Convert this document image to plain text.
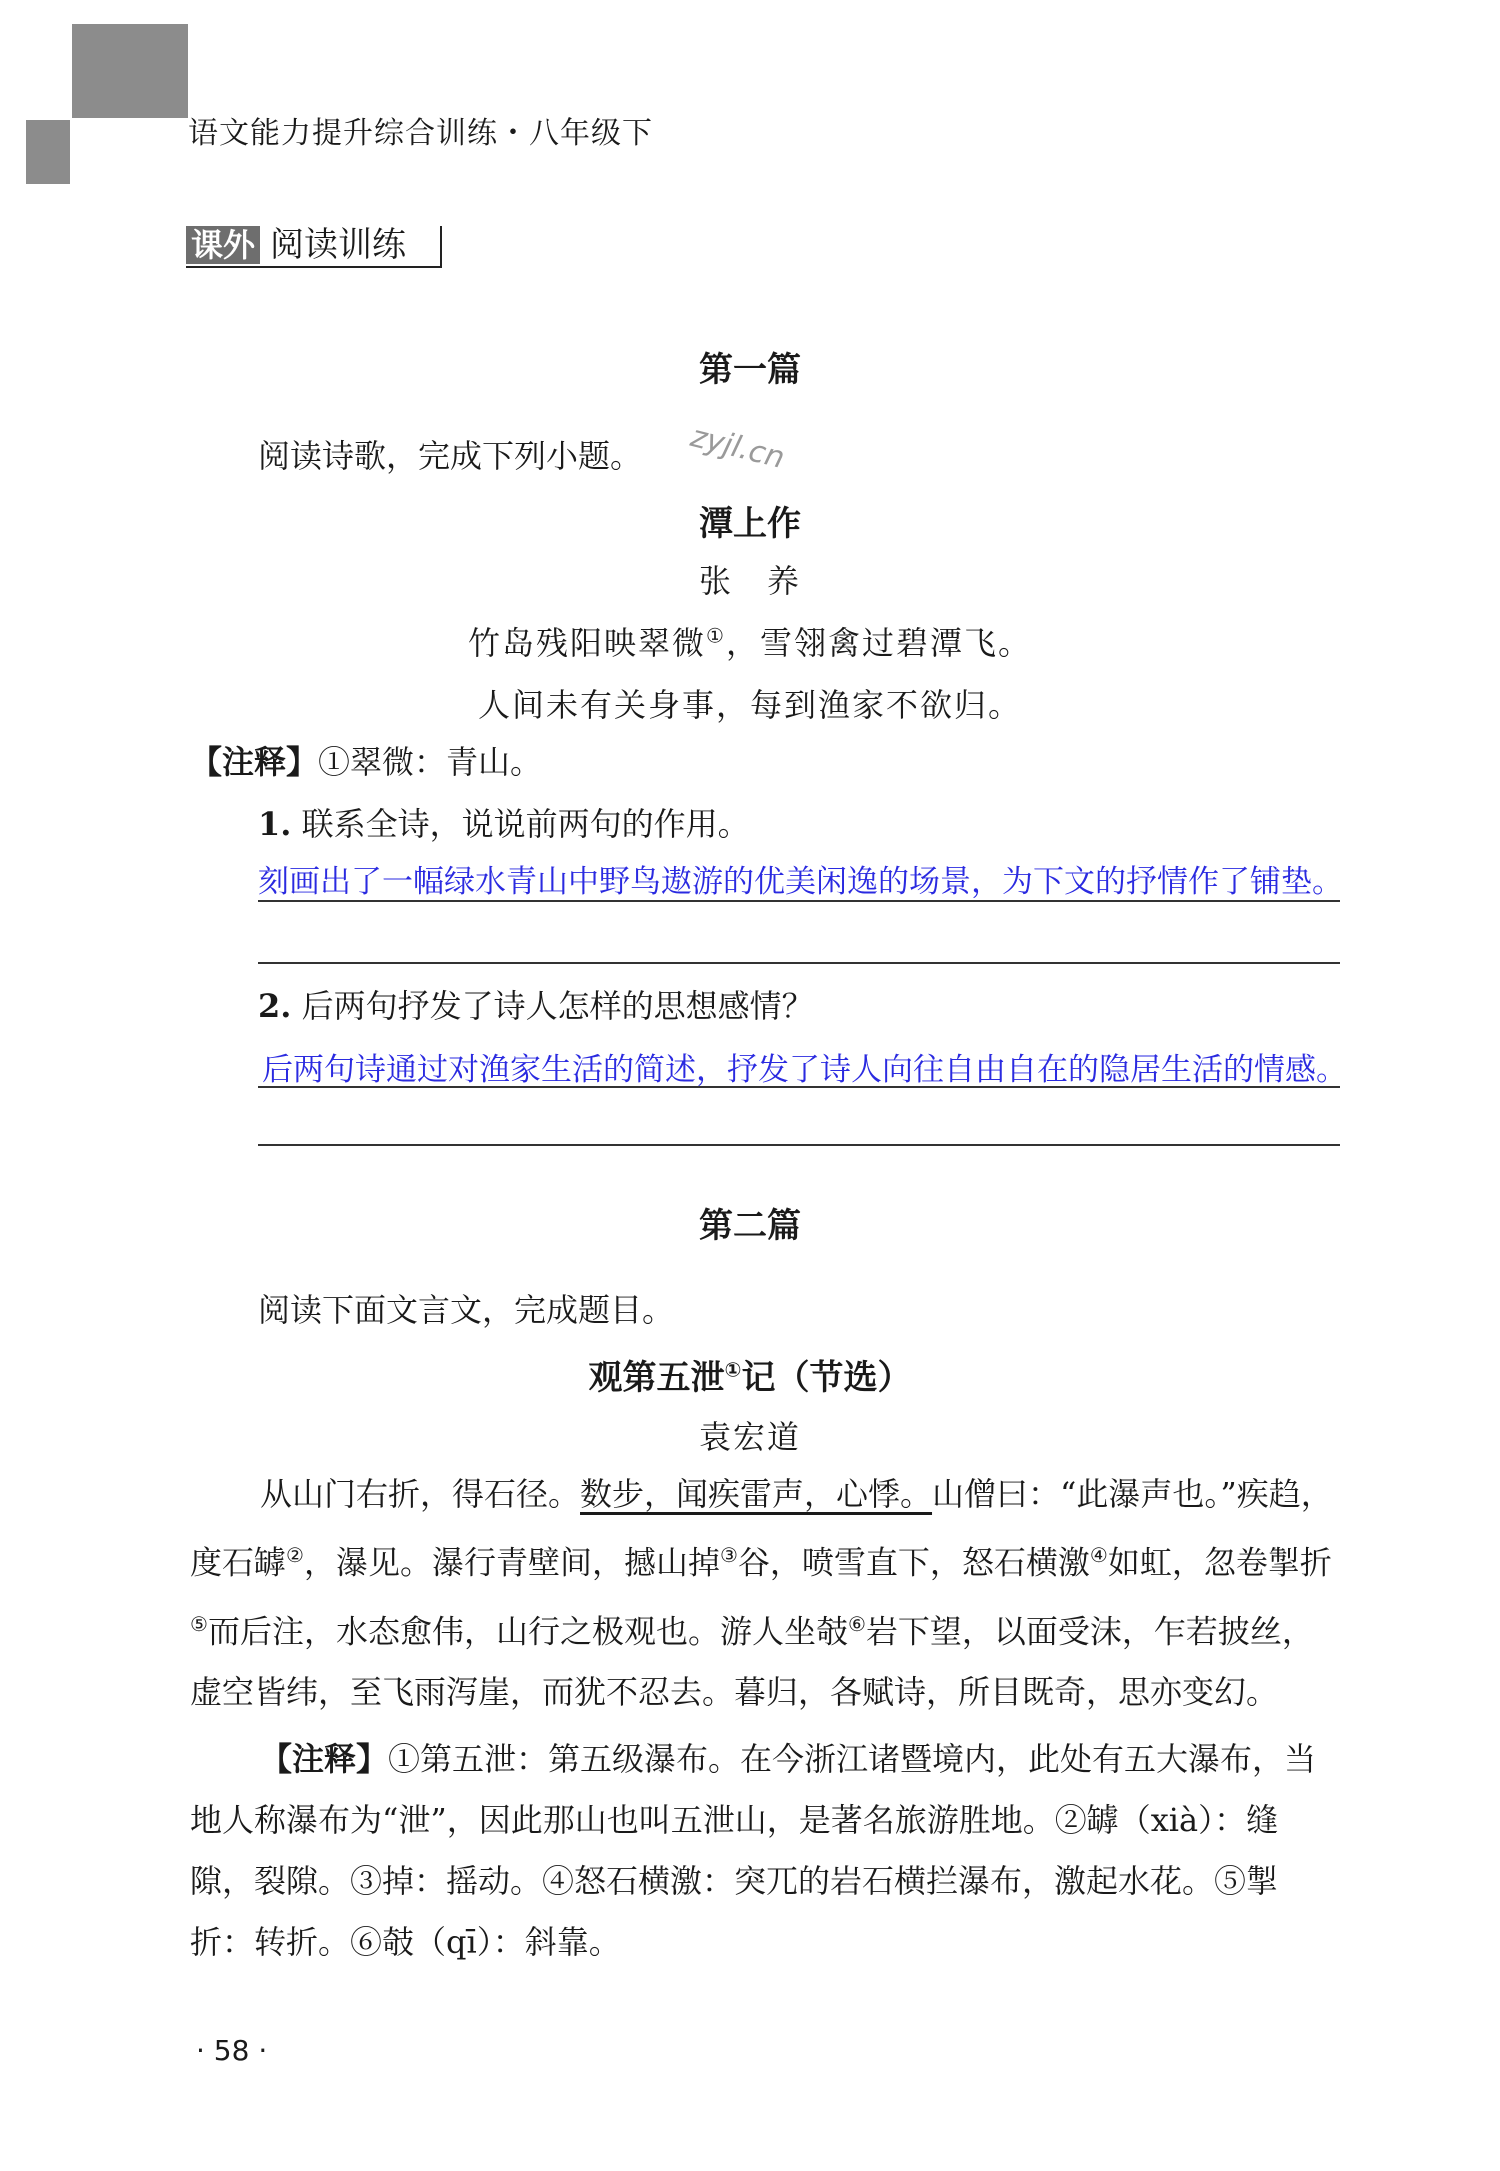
语文能力提升综合训练・八年级下
课外 阅读训练
第一篇
阅读诗歌，完成下列小题。 zyjl.cn
潭上作
张　养
竹岛残阳映翠微①，雪翎禽过碧潭飞。
人间未有关身事，每到渔家不欲归。
【注释】①翠微：青山。
1. 联系全诗，说说前两句的作用。
刻画出了一幅绿水青山中野鸟遨游的优美闲逸的场景，为下文的抒情作了铺垫。
2. 后两句抒发了诗人怎样的思想感情？
后两句诗通过对渔家生活的简述，抒发了诗人向往自由自在的隐居生活的情感。
第二篇
阅读下面文言文，完成题目。
观第五泄①记（节选）
袁宏道

从山门右折，得石径。数步，闻疾雷声，心悸。山僧曰：“此瀑声也。”疾趋，度石罅②，瀑见。瀑行青壁间，撼山掉③谷，喷雪直下，怒石横激④如虹，忽卷掣折⑤而后注，水态愈伟，山行之极观也。游人坐攲⑥岩下望，以面受沫，乍若披丝，虚空皆纬，至飞雨泻崖，而犹不忍去。暮归，各赋诗，所目既奇，思亦变幻。

【注释】①第五泄：第五级瀑布。在今浙江诸暨境内，此处有五大瀑布，当地人称瀑布为“泄”，因此那山也叫五泄山，是著名旅游胜地。②罅（xià）：缝隙，裂隙。③掉：摇动。④怒石横激：突兀的岩石横拦瀑布，激起水花。⑤掣折：转折。⑥攲（qī）：斜靠。

· 58 ·
